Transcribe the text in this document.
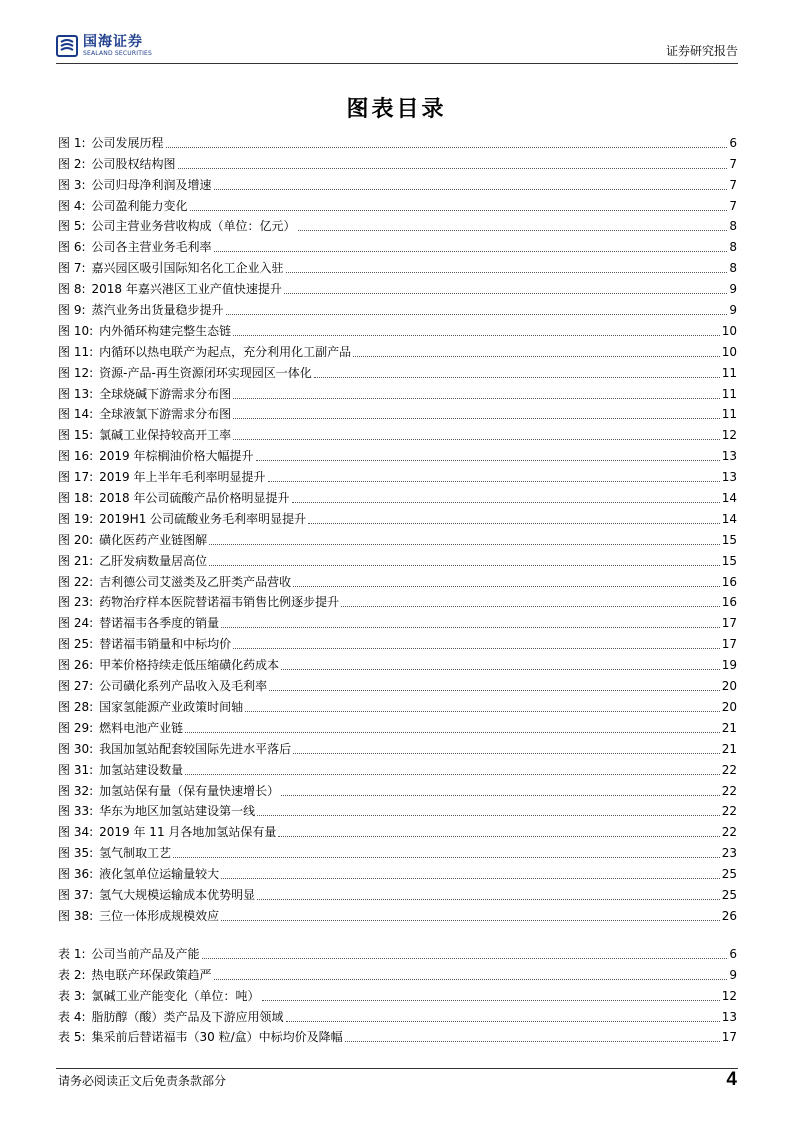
国海证券
SEALAND SECURITIES	证券研究报告
图表目录
图 1: 公司发展历程	6
图 2: 公司股权结构图	7
图 3: 公司归母净利润及增速	7
图 4: 公司盈利能力变化	7
图 5: 公司主营业务营收构成（单位：亿元）	8
图 6: 公司各主营业务毛利率	8
图 7: 嘉兴园区吸引国际知名化工企业入驻	8
图 8: 2018 年嘉兴港区工业产值快速提升	9
图 9: 蒸汽业务出货量稳步提升	9
图 10: 内外循环构建完整生态链	10
图 11: 内循环以热电联产为起点，充分利用化工副产品	10
图 12: 资源-产品-再生资源闭环实现园区一体化	11
图 13: 全球烧碱下游需求分布图	11
图 14: 全球液氯下游需求分布图	11
图 15: 氯碱工业保持较高开工率	12
图 16: 2019 年棕榈油价格大幅提升	13
图 17: 2019 年上半年毛利率明显提升	13
图 18: 2018 年公司硫酸产品价格明显提升	14
图 19: 2019H1 公司硫酸业务毛利率明显提升	14
图 20: 磺化医药产业链图解	15
图 21: 乙肝发病数量居高位	15
图 22: 吉利德公司艾滋类及乙肝类产品营收	16
图 23: 药物治疗样本医院替诺福韦销售比例逐步提升	16
图 24: 替诺福韦各季度的销量	17
图 25: 替诺福韦销量和中标均价	17
图 26: 甲苯价格持续走低压缩磺化药成本	19
图 27: 公司磺化系列产品收入及毛利率	20
图 28: 国家氢能源产业政策时间轴	20
图 29: 燃料电池产业链	21
图 30: 我国加氢站配套较国际先进水平落后	21
图 31: 加氢站建设数量	22
图 32: 加氢站保有量（保有量快速增长）	22
图 33: 华东为地区加氢站建设第一线	22
图 34: 2019 年 11 月各地加氢站保有量	22
图 35: 氢气制取工艺	23
图 36: 液化氢单位运输量较大	25
图 37: 氢气大规模运输成本优势明显	25
图 38: 三位一体形成规模效应	26
表 1: 公司当前产品及产能	6
表 2: 热电联产环保政策趋严	9
表 3: 氯碱工业产能变化（单位：吨）	12
表 4: 脂肪醇（酸）类产品及下游应用领域	13
表 5: 集采前后替诺福韦（30 粒/盒）中标均价及降幅	17
请务必阅读正文后免责条款部分	4
